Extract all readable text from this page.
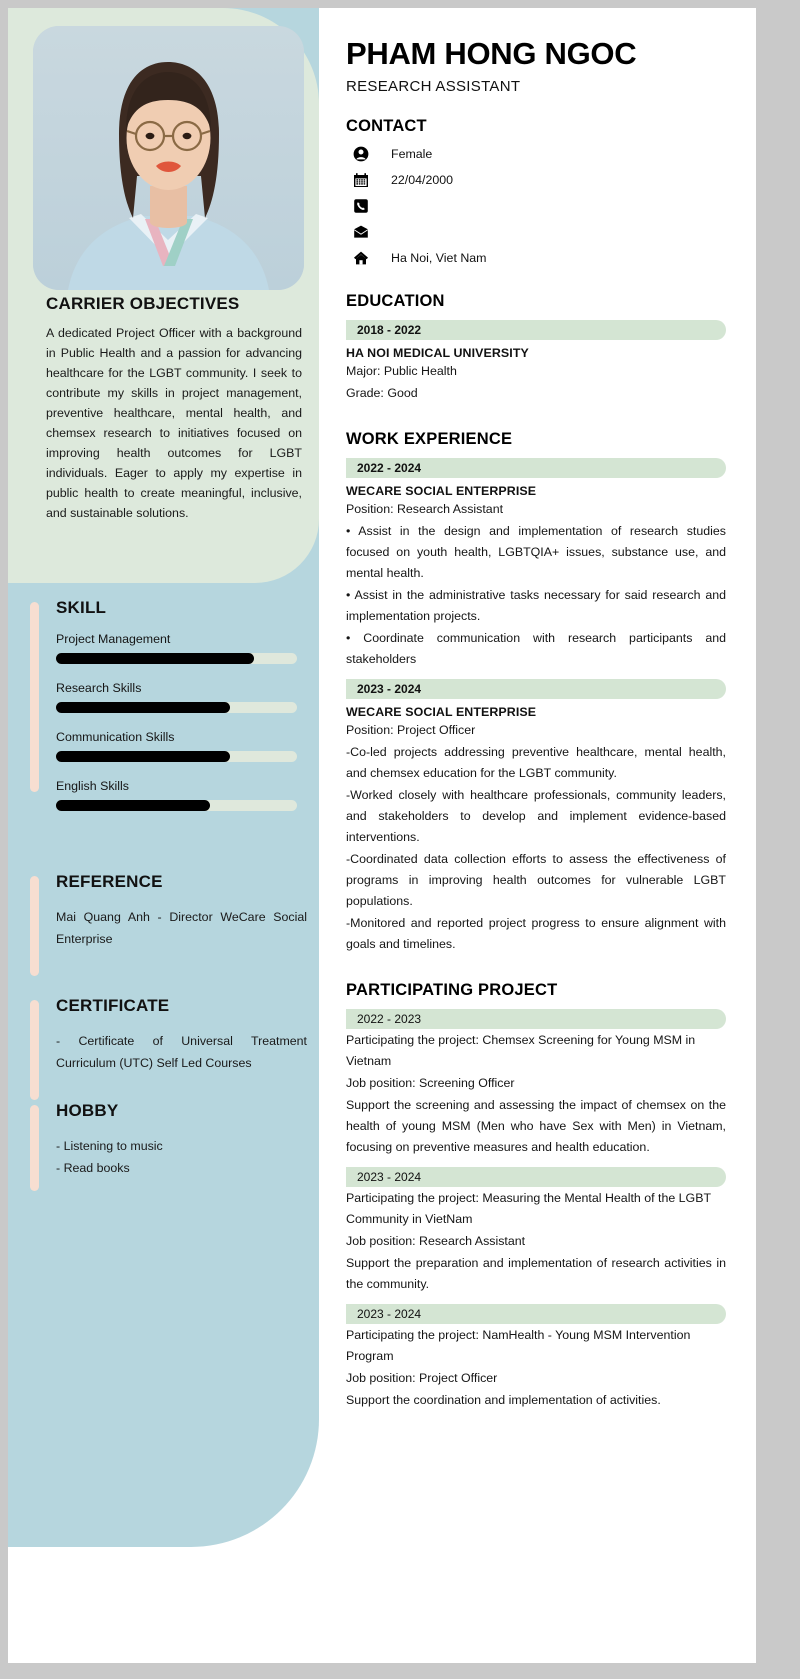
CARRIER OBJECTIVES
A dedicated Project Officer with a background in Public Health and a passion for advancing healthcare for the LGBT community. I seek to contribute my skills in project management, preventive healthcare, mental health, and chemsex research to initiatives focused on improving health outcomes for LGBT individuals. Eager to apply my expertise in public health to create meaningful, inclusive, and sustainable solutions.
SKILL

Project Management

Research Skills

Communication Skills

English Skills

REFERENCE

Mai Quang Anh - Director WeCare Social Enterprise

CERTIFICATE

- Certificate of Universal Treatment Curriculum (UTC) Self Led Courses

HOBBY

- Listening to music

- Read books

PHAM HONG NGOC

RESEARCH ASSISTANT

CONTACT
Female
22/04/2000
Ha Noi, Viet Nam
EDUCATION
2018 - 2022

HA NOI MEDICAL UNIVERSITY

Major: Public Health

Grade: Good

WORK EXPERIENCE
2022 - 2024

WECARE SOCIAL ENTERPRISE

Position: Research Assistant

• Assist in the design and implementation of research studies focused on youth health, LGBTQIA+ issues, substance use, and mental health.

• Assist in the administrative tasks necessary for said research and implementation projects.

• Coordinate communication with research participants and stakeholders

2023 - 2024

WECARE SOCIAL ENTERPRISE

Position: Project Officer

-Co-led projects addressing preventive healthcare, mental health, and chemsex education for the LGBT community.

-Worked closely with healthcare professionals, community leaders, and stakeholders to develop and implement evidence-based interventions.

-Coordinated data collection efforts to assess the effectiveness of programs in improving health outcomes for vulnerable LGBT populations.

-Monitored and reported project progress to ensure alignment with goals and timelines.

PARTICIPATING PROJECT
2022 - 2023

Participating the project: Chemsex Screening for Young MSM in Vietnam

Job position: Screening Officer

Support the screening and assessing the impact of chemsex on the health of young MSM (Men who have Sex with Men) in Vietnam, focusing on preventive measures and health education.

2023 - 2024

Participating the project: Measuring the Mental Health of the LGBT Community in VietNam

Job position: Research Assistant

Support the preparation and implementation of research activities in the community.

2023 - 2024

Participating the project: NamHealth - Young MSM Intervention Program

Job position: Project Officer

Support the coordination and implementation of activities.
